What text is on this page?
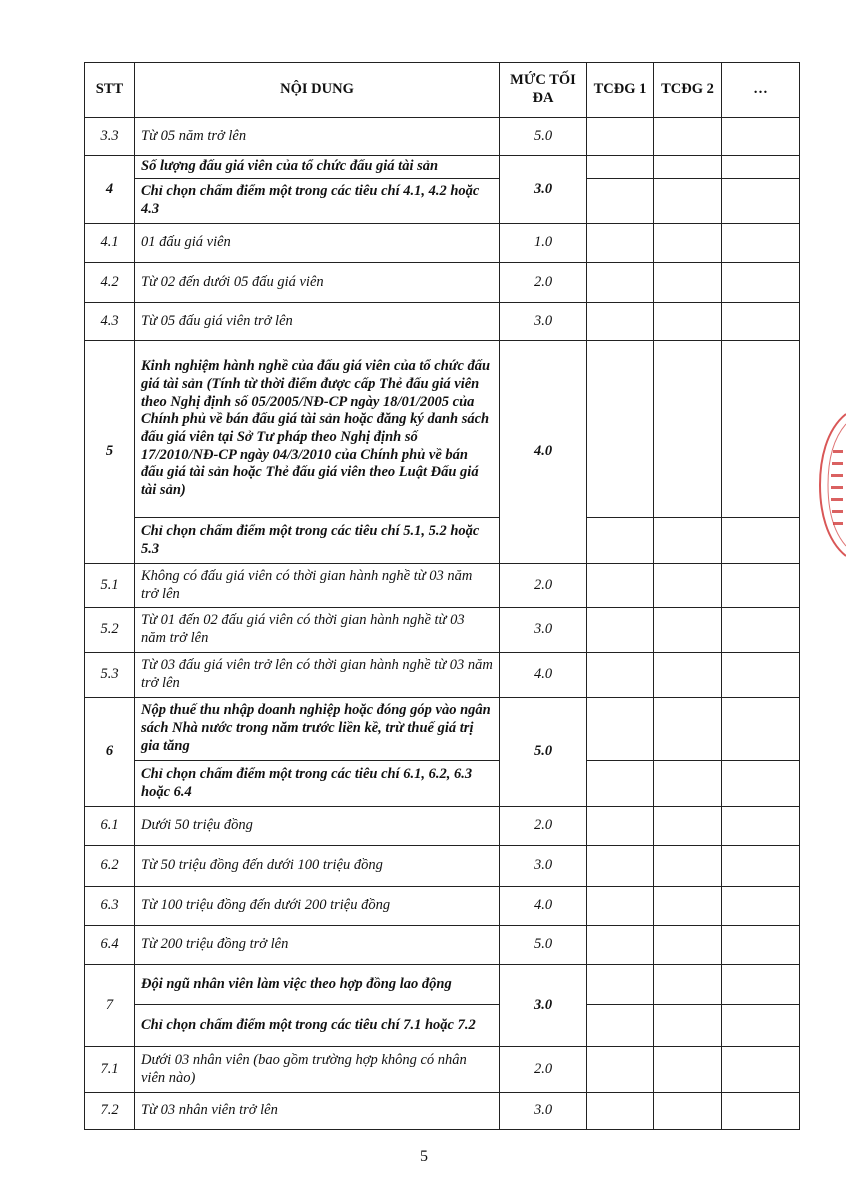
STT	NỘI DUNG	MỨC TỐI ĐA	TCĐG 1	TCĐG 2	…
3.3	Từ 05 năm trở lên	5.0			
4	Số lượng đấu giá viên của tổ chức đấu giá tài sản	3.0			
	Chỉ chọn chấm điểm một trong các tiêu chí 4.1, 4.2 hoặc 4.3				
4.1	01 đấu giá viên	1.0			
4.2	Từ 02 đến dưới 05 đấu giá viên	2.0			
4.3	Từ 05 đấu giá viên trở lên	3.0			
5	Kinh nghiệm hành nghề của đấu giá viên của tổ chức đấu giá tài sản (Tính từ thời điểm được cấp Thẻ đấu giá viên theo Nghị định số 05/2005/NĐ-CP ngày 18/01/2005 của Chính phủ về bán đấu giá tài sản hoặc đăng ký danh sách đấu giá viên tại Sở Tư pháp theo Nghị định số 17/2010/NĐ-CP ngày 04/3/2010 của Chính phủ về bán đấu giá tài sản hoặc Thẻ đấu giá viên theo Luật Đấu giá tài sản)	4.0			
	Chỉ chọn chấm điểm một trong các tiêu chí 5.1, 5.2 hoặc 5.3				
5.1	Không có đấu giá viên có thời gian hành nghề từ 03 năm trở lên	2.0			
5.2	Từ 01 đến 02 đấu giá viên có thời gian hành nghề từ 03 năm trở lên	3.0			
5.3	Từ 03 đấu giá viên trở lên có thời gian hành nghề từ 03 năm trở lên	4.0			
6	Nộp thuế thu nhập doanh nghiệp hoặc đóng góp vào ngân sách Nhà nước trong năm trước liền kề, trừ thuế giá trị gia tăng	5.0			
	Chỉ chọn chấm điểm một trong các tiêu chí 6.1, 6.2, 6.3 hoặc 6.4				
6.1	Dưới 50 triệu đồng	2.0			
6.2	Từ 50 triệu đồng đến dưới 100 triệu đồng	3.0			
6.3	Từ 100 triệu đồng đến dưới 200 triệu đồng	4.0			
6.4	Từ 200 triệu đồng trở lên	5.0			
7	Đội ngũ nhân viên làm việc theo hợp đồng lao động	3.0			
	Chỉ chọn chấm điểm một trong các tiêu chí 7.1 hoặc 7.2				
7.1	Dưới 03 nhân viên (bao gồm trường hợp không có nhân viên nào)	2.0			
7.2	Từ 03 nhân viên trở lên	3.0			
5
